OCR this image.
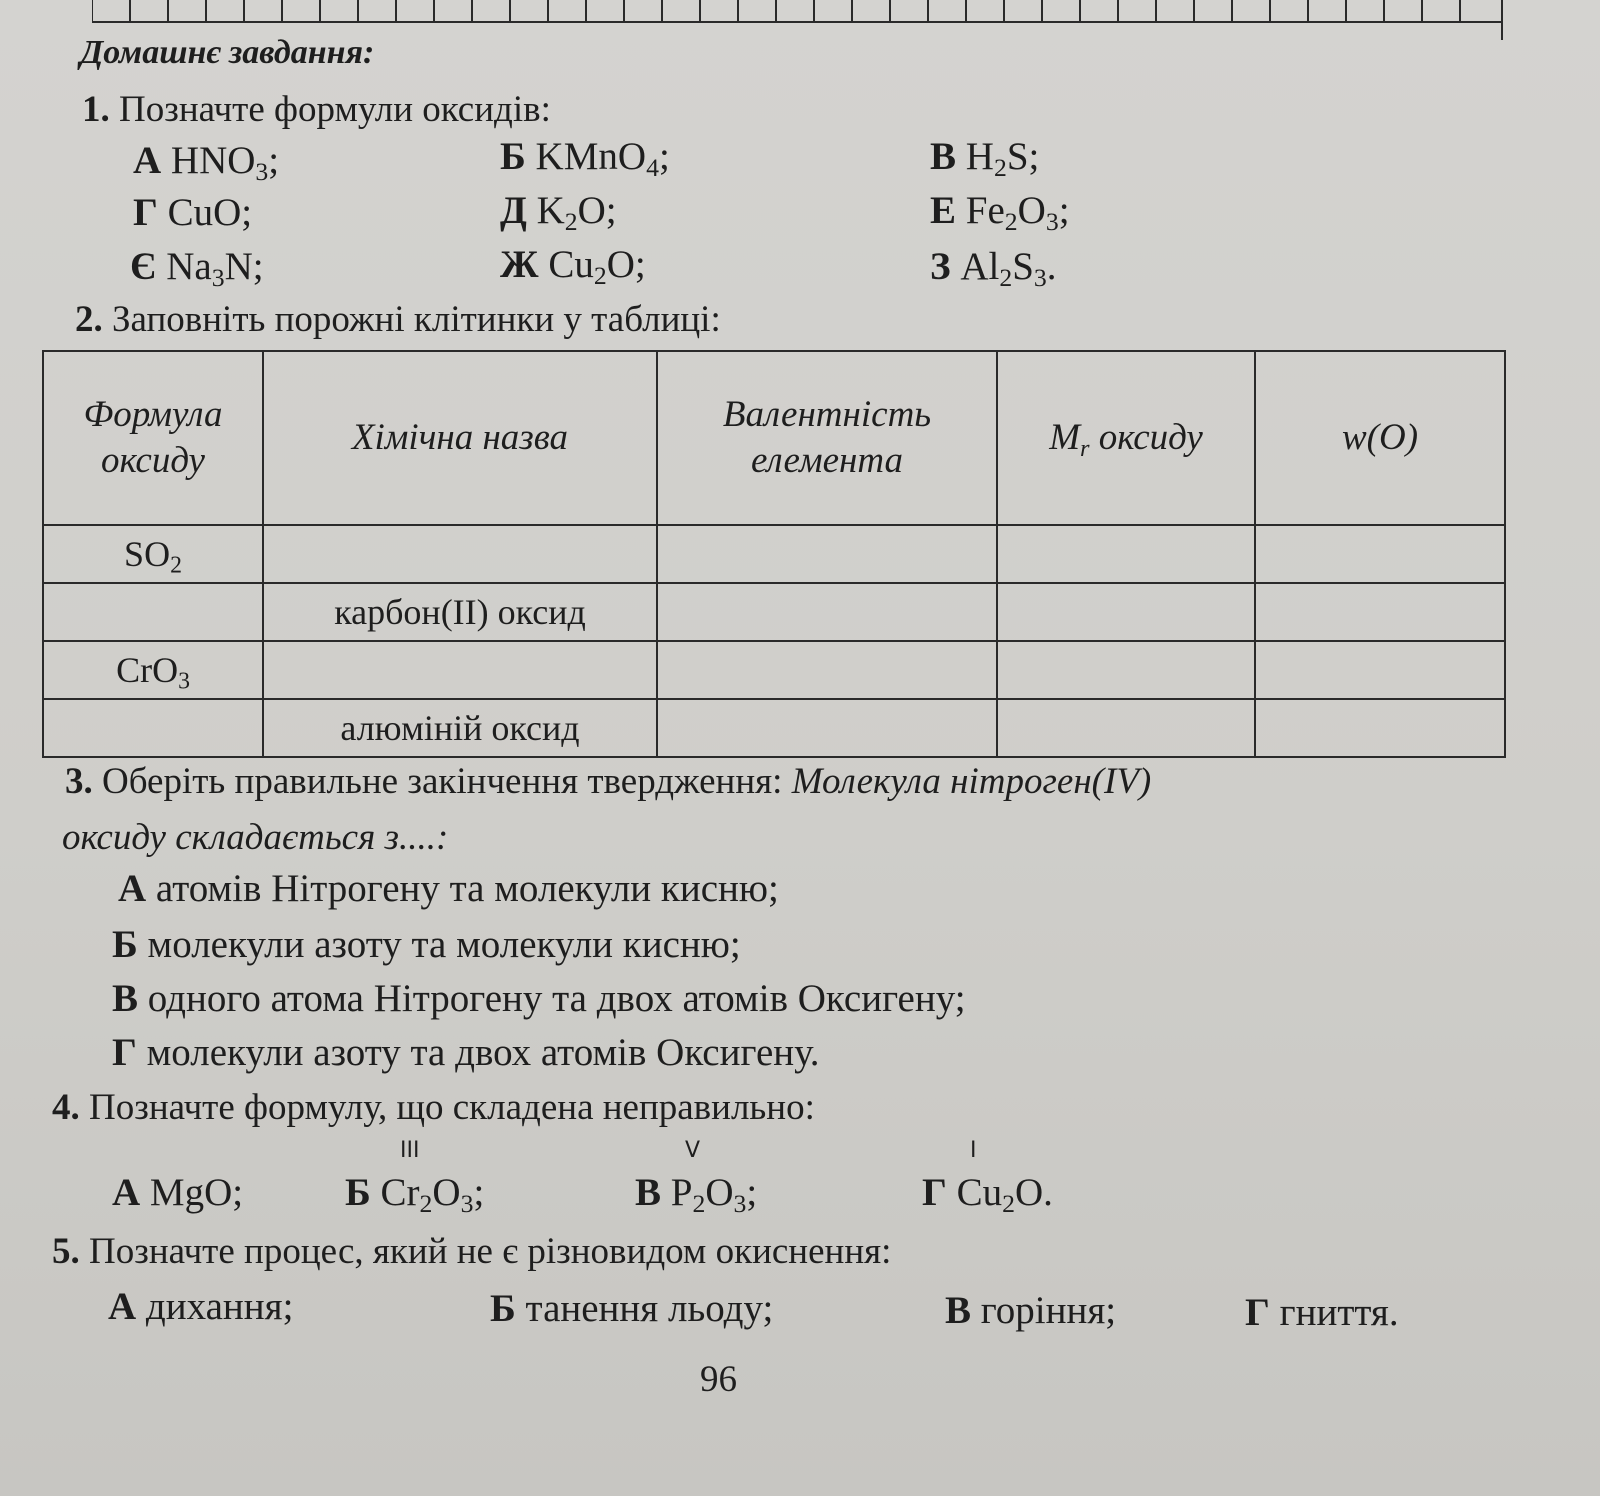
Домашнє завдання:
1. Позначте формули оксидів:
А $HNO_3$;	Б KMnO$_4$;	В $H_2S$;
Г CuO;	Д $K_2O$;	Е $Fe_2O_3$;
Є $Na_3N$;	Ж $Cu_2O$;	З $Al_2S_3$.
2. Заповніть порожні клітинки у таблиці:
Формула оксиду	Хімічна назва	Валентність елемента	$M_r$ оксиду	w(O)
$SO_2$				
	карбон(II) оксид			
CrO$_3$				
	алюміній оксид			
3. Оберіть правильне закінчення твердження: Молекула нітроген(IV)
оксиду складається з....:
А атомів Нітрогену та молекули кисню;
Б молекули азоту та молекули кисню;
В одного атома Нітрогену та двох атомів Оксигену;
Г молекули азоту та двох атомів Оксигену.
4. Позначте формулу, що складена неправильно:
III	V	I
А MgO;	Б $Cr_2O_3$;	В $P_2O_3$;	Г $Cu_2O$.
5. Позначте процес, який не є різновидом окиснення:
А дихання;	Б танення льоду;	В горіння;	Г гниття.
96
